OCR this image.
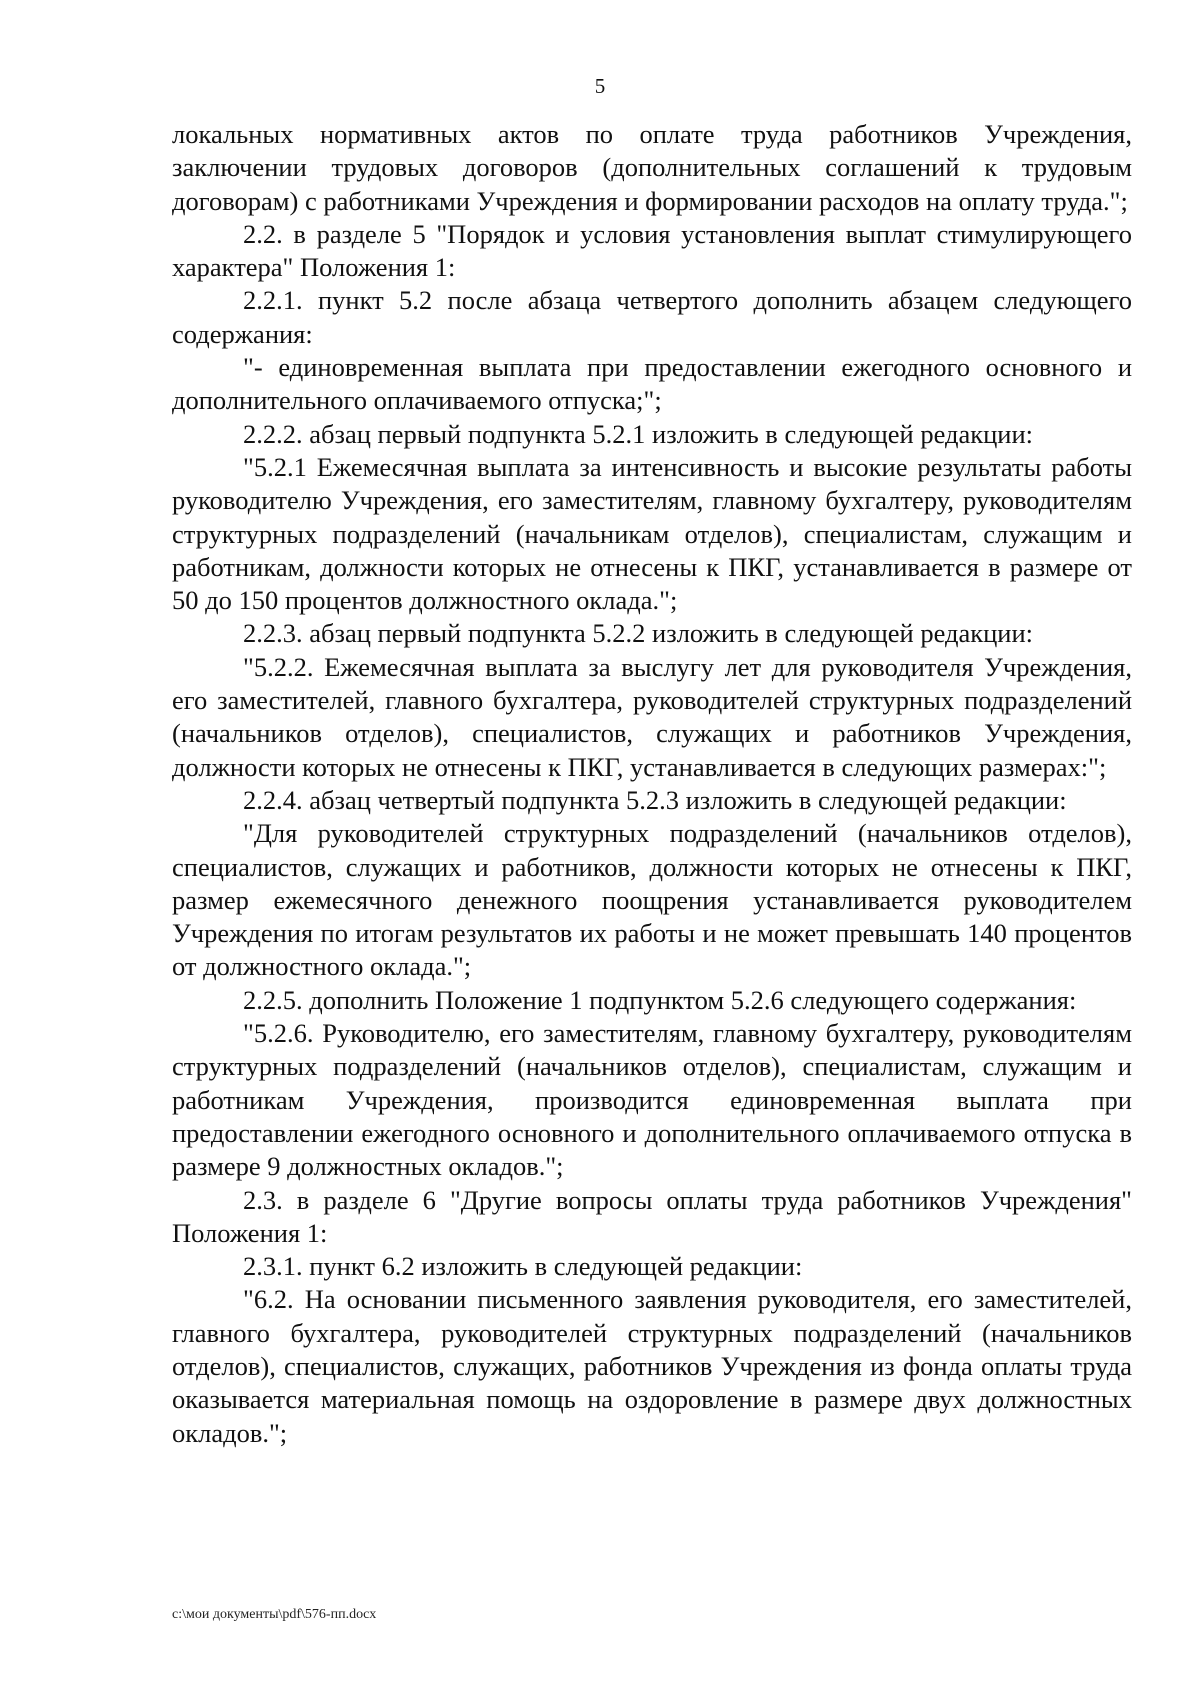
5

локальных нормативных актов по оплате труда работников Учреждения, заключении трудовых договоров (дополнительных соглашений к трудовым договорам) с работниками Учреждения и формировании расходов на оплату труда.";

2.2. в разделе 5 "Порядок и условия установления выплат стимулирующего характера" Положения 1:

2.2.1. пункт 5.2 после абзаца четвертого дополнить абзацем следующего содержания:

"- единовременная выплата при предоставлении ежегодного основного и дополнительного оплачиваемого отпуска;";

2.2.2. абзац первый подпункта 5.2.1 изложить в следующей редакции:

"5.2.1 Ежемесячная выплата за интенсивность и высокие результаты работы руководителю Учреждения, его заместителям, главному бухгалтеру, руководителям структурных подразделений (начальникам отделов), специалистам, служащим и работникам, должности которых не отнесены к ПКГ, устанавливается в размере от 50 до 150 процентов должностного оклада.";

2.2.3. абзац первый подпункта 5.2.2 изложить в следующей редакции:

"5.2.2. Ежемесячная выплата за выслугу лет для руководителя Учреждения, его заместителей, главного бухгалтера, руководителей структурных подразделений (начальников отделов), специалистов, служащих и работников Учреждения, должности которых не отнесены к ПКГ, устанавливается в следующих размерах:";

2.2.4. абзац четвертый подпункта 5.2.3 изложить в следующей редакции:

"Для руководителей структурных подразделений (начальников отделов), специалистов, служащих и работников, должности которых не отнесены к ПКГ, размер ежемесячного денежного поощрения устанавливается руководителем Учреждения по итогам результатов их работы и не может превышать 140 процентов от должностного оклада.";

2.2.5. дополнить Положение 1 подпунктом 5.2.6 следующего содержания:

"5.2.6. Руководителю, его заместителям, главному бухгалтеру, руководителям структурных подразделений (начальников отделов), специалистам, служащим и работникам Учреждения, производится единовременная выплата при предоставлении ежегодного основного и дополнительного оплачиваемого отпуска в размере 9 должностных окладов.";

2.3. в разделе 6 "Другие вопросы оплаты труда работников Учреждения" Положения 1:

2.3.1. пункт 6.2 изложить в следующей редакции:

"6.2. На основании письменного заявления руководителя, его заместителей, главного бухгалтера, руководителей структурных подразделений (начальников отделов), специалистов, служащих, работников Учреждения из фонда оплаты труда оказывается материальная помощь на оздоровление в размере двух должностных окладов.";

c:\мои документы\pdf\576-пп.docx
